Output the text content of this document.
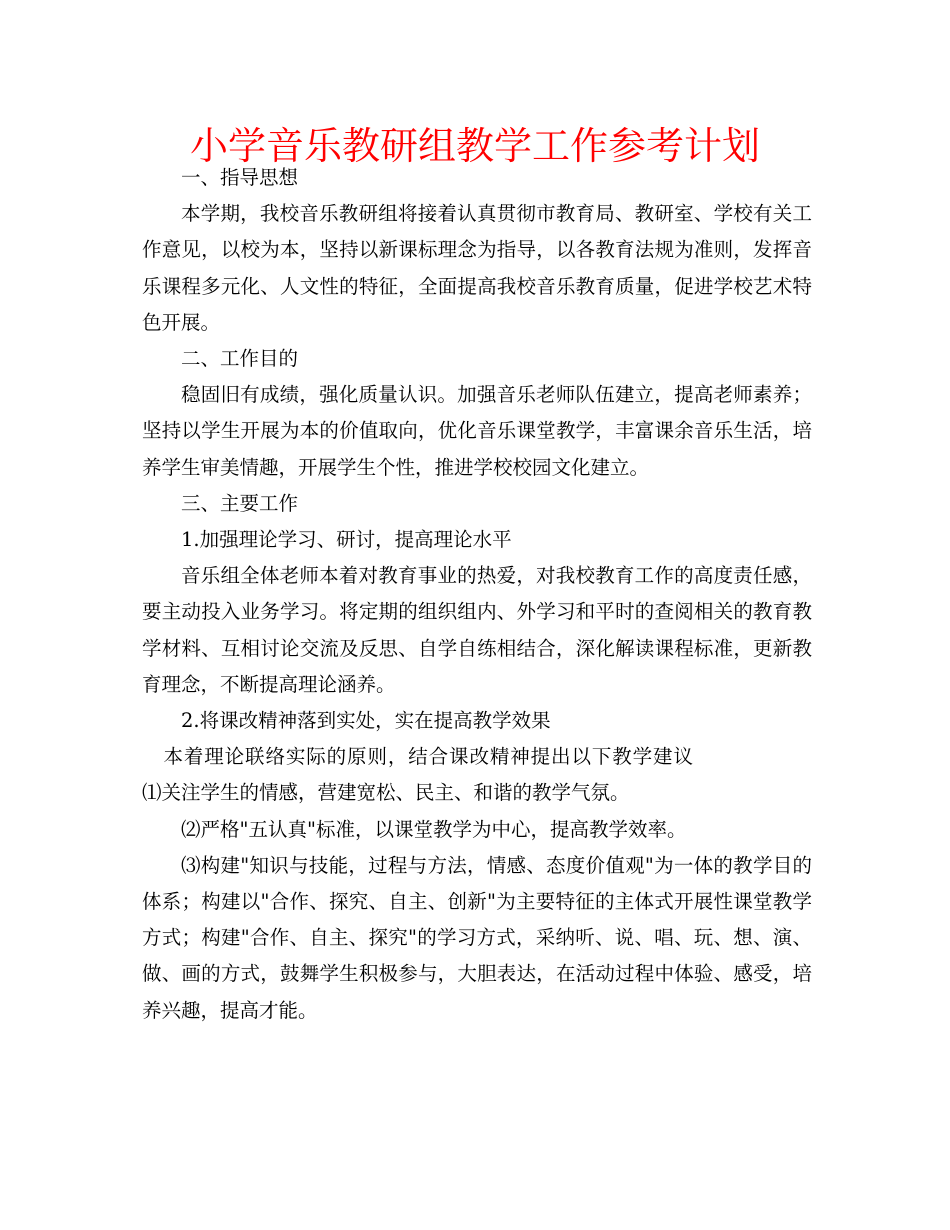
小学音乐教研组教学工作参考计划

一、指导思想

本学期，我校音乐教研组将接着认真贯彻市教育局、教研室、学校有关工作意见，以校为本，坚持以新课标理念为指导，以各教育法规为准则，发挥音乐课程多元化、人文性的特征，全面提高我校音乐教育质量，促进学校艺术特色开展。

二、工作目的

稳固旧有成绩，强化质量认识。加强音乐老师队伍建立，提高老师素养；坚持以学生开展为本的价值取向，优化音乐课堂教学，丰富课余音乐生活，培养学生审美情趣，开展学生个性，推进学校校园文化建立。

三、主要工作

1.加强理论学习、研讨，提高理论水平

音乐组全体老师本着对教育事业的热爱，对我校教育工作的高度责任感，要主动投入业务学习。将定期的组织组内、外学习和平时的查阅相关的教育教学材料、互相讨论交流及反思、自学自练相结合，深化解读课程标准，更新教育理念，不断提高理论涵养。

2.将课改精神落到实处，实在提高教学效果

本着理论联络实际的原则，结合课改精神提出以下教学建议

⑴关注学生的情感，营建宽松、民主、和谐的教学气氛。

⑵严格"五认真"标准，以课堂教学为中心，提高教学效率。

⑶构建"知识与技能，过程与方法，情感、态度价值观"为一体的教学目的体系；构建以"合作、探究、自主、创新"为主要特征的主体式开展性课堂教学方式；构建"合作、自主、探究"的学习方式，采纳听、说、唱、玩、想、演、做、画的方式，鼓舞学生积极参与，大胆表达，在活动过程中体验、感受，培养兴趣，提高才能。
